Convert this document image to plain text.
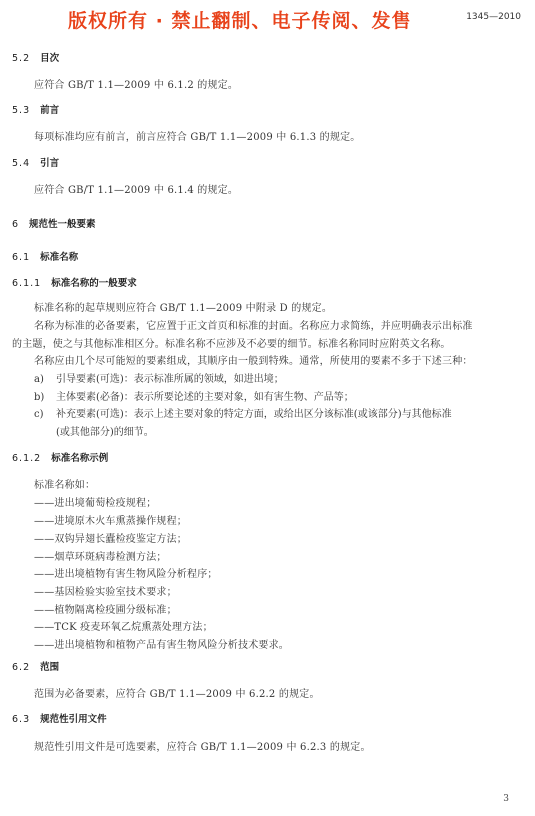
版权所有 · 禁止翻制、电子传阅、发售	1345—2010
5.2 目次
应符合 GB/T 1.1—2009 中 6.1.2 的规定。
5.3 前言
每项标准均应有前言，前言应符合 GB/T 1.1—2009 中 6.1.3 的规定。
5.4 引言
应符合 GB/T 1.1—2009 中 6.1.4 的规定。
6 规范性一般要素
6.1 标准名称
6.1.1 标准名称的一般要求
标准名称的起草规则应符合 GB/T 1.1—2009 中附录 D 的规定。
名称为标准的必备要素，它应置于正文首页和标准的封面。名称应力求简练，并应明确表示出标准
的主题，使之与其他标准相区分。标准名称不应涉及不必要的细节。标准名称同时应附英文名称。
名称应由几个尽可能短的要素组成，其顺序由一般到特殊。通常，所使用的要素不多于下述三种：
a) 引导要素(可选)：表示标准所属的领域，如进出境；
b) 主体要素(必备)：表示所要论述的主要对象，如有害生物、产品等；
c) 补充要素(可选)：表示上述主要对象的特定方面，或给出区分该标准(或该部分)与其他标准
(或其他部分)的细节。
6.1.2 标准名称示例
标准名称如：
——进出境葡萄检疫规程；
——进境原木火车熏蒸操作规程；
——双钩异翅长蠹检疫鉴定方法；
——烟草环斑病毒检测方法；
——进出境植物有害生物风险分析程序；
——基因检验实验室技术要求；
——植物隔离检疫圃分级标准；
——TCK 疫麦环氧乙烷熏蒸处理方法；
——进出境植物和植物产品有害生物风险分析技术要求。
6.2 范围
范围为必备要素，应符合 GB/T 1.1—2009 中 6.2.2 的规定。
6.3 规范性引用文件
规范性引用文件是可选要素，应符合 GB/T 1.1—2009 中 6.2.3 的规定。
3
